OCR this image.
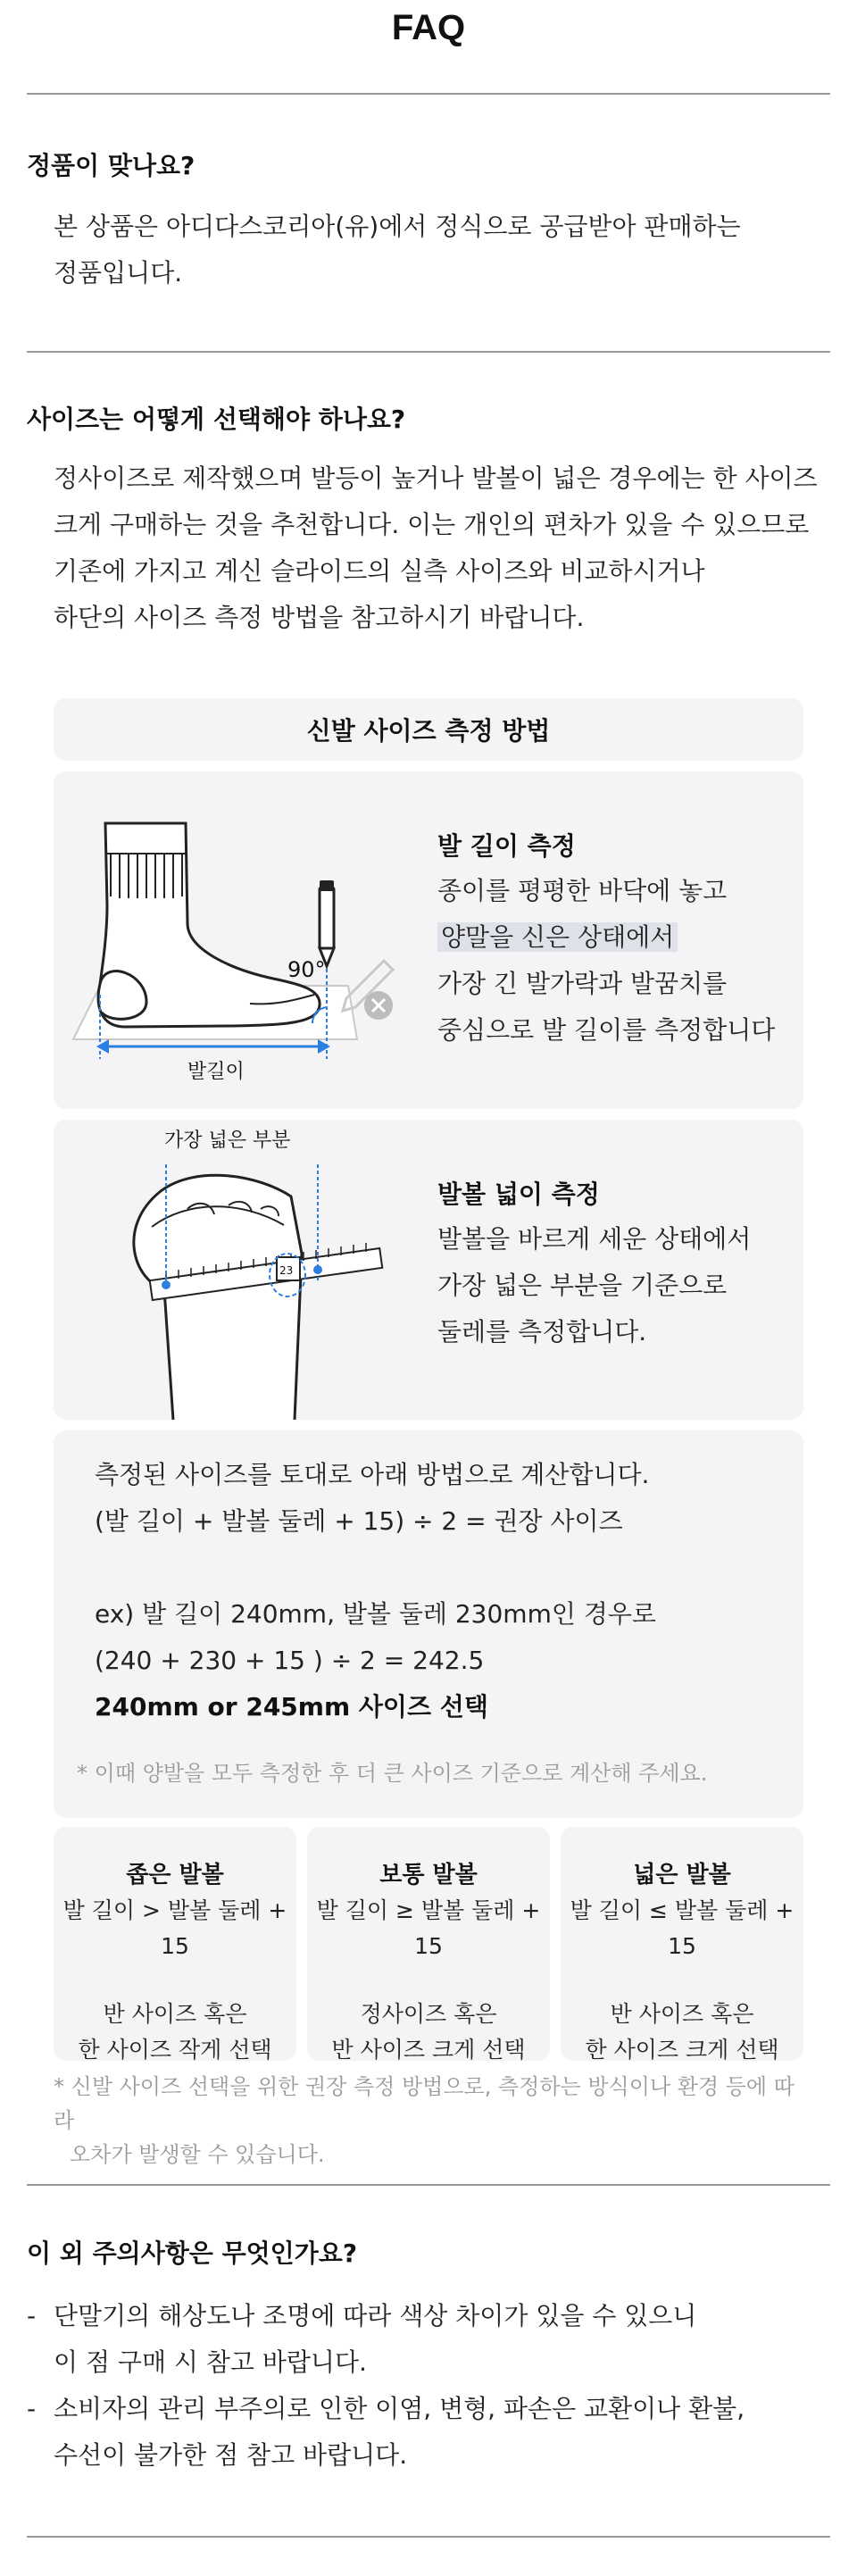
FAQ
정품이 맞나요?
본 상품은 아디다스코리아(유)에서 정식으로 공급받아 판매하는
정품입니다.
사이즈는 어떻게 선택해야 하나요?
정사이즈로 제작했으며 발등이 높거나 발볼이 넓은 경우에는 한 사이즈
크게 구매하는 것을 추천합니다. 이는 개인의 편차가 있을 수 있으므로
기존에 가지고 계신 슬라이드의 실측 사이즈와 비교하시거나
하단의 사이즈 측정 방법을 참고하시기 바랍니다.
신발 사이즈 측정 방법
90°
발길이
발 길이 측정
종이를 평평한 바닥에 놓고
양말을 신은 상태에서
가장 긴 발가락과 발꿈치를
중심으로 발 길이를 측정합니다
23
가장 넓은 부분
발볼 넓이 측정
발볼을 바르게 세운 상태에서
가장 넓은 부분을 기준으로
둘레를 측정합니다.
측정된 사이즈를 토대로 아래 방법으로 계산합니다.
(발 길이 + 발볼 둘레 + 15) ÷ 2 = 권장 사이즈
ex) 발 길이 240mm, 발볼 둘레 230mm인 경우로
(240 + 230 + 15 ) ÷ 2 = 242.5
240mm or 245mm 사이즈 선택
* 이때 양발을 모두 측정한 후 더 큰 사이즈 기준으로 계산해 주세요.
좁은 발볼
발 길이 > 발볼 둘레 + 15
반 사이즈 혹은
한 사이즈 작게 선택
보통 발볼
발 길이 ≥ 발볼 둘레 + 15
정사이즈 혹은
반 사이즈 크게 선택
넓은 발볼
발 길이 ≤ 발볼 둘레 + 15
반 사이즈 혹은
한 사이즈 크게 선택
* 신발 사이즈 선택을 위한 권장 측정 방법으로, 측정하는 방식이나 환경 등에 따라
오차가 발생할 수 있습니다.
이 외 주의사항은 무엇인가요?
- 단말기의 해상도나 조명에 따라 색상 차이가 있을 수 있으니
이 점 구매 시 참고 바랍니다.
- 소비자의 관리 부주의로 인한 이염, 변형, 파손은 교환이나 환불,
수선이 불가한 점 참고 바랍니다.
